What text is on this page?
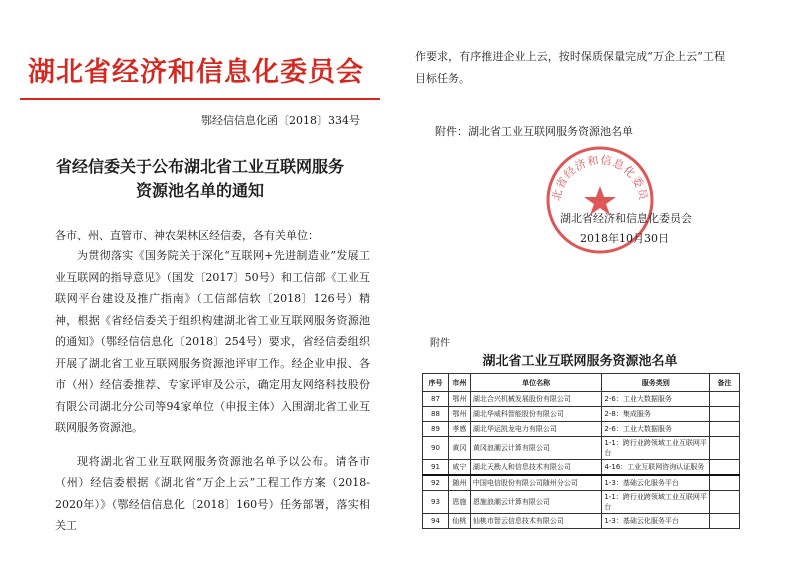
湖北省经济和信息化委员会
鄂经信信息化函〔2018〕334号
省经信委关于公布湖北省工业互联网服务
资源池名单的通知
各市、州、直管市、神农架林区经信委，各有关单位：

为贯彻落实《国务院关于深化“互联网+先进制造业”发展工业互联网的指导意见》（国发〔2017〕50号）和工信部《工业互联网平台建设及推广指南》（工信部信软〔2018〕126号）精神，根据《省经信委关于组织构建湖北省工业互联网服务资源池的通知》（鄂经信信息化〔2018〕254号）要求，省经信委组织开展了湖北省工业互联网服务资源池评审工作。经企业申报、各市（州）经信委推荐、专家评审及公示，确定用友网络科技股份有限公司湖北分公司等94家单位（申报主体）入围湖北省工业互联网服务资源池。

现将湖北省工业互联网服务资源池名单予以公布。请各市（州）经信委根据《湖北省“万企上云”工程工作方案（2018-2020年）》（鄂经信信息化〔2018〕160号）任务部署，落实相关工

作要求，有序推进企业上云，按时保质保量完成“万企上云”工程目标任务。

附件：湖北省工业互联网服务资源池名单
北省经济和信息化委员
湖北省经济和信息化委员会
2018年10月30日
附件
湖北省工业互联网服务资源池名单
序号	市州	单位名称	服务类别	备注
87	鄂州	湖北合兴机械发展股份有限公司	2-6：工业大数据服务	
88	鄂州	湖北华威科智能股份有限公司	2-8：集成服务	
89	孝感	湖北华运凯龙电力有限公司	2-6：工业大数据服务	
90	黄冈	黄冈浪潮云计算有限公司	1-1：跨行业跨领域工业互联网平台	
91	咸宁	湖北天勘人和信息技术有限公司	4-16：工业互联网咨询认证服务	
92	随州	中国电信股份有限公司随州分公司	1-3：基础云化服务平台	
93	恩施	恩施浪潮云计算有限公司	1-1：跨行业跨领域工业互联网平台	
94	仙桃	仙桃市智云信息技术有限公司	1-3：基础云化服务平台	
